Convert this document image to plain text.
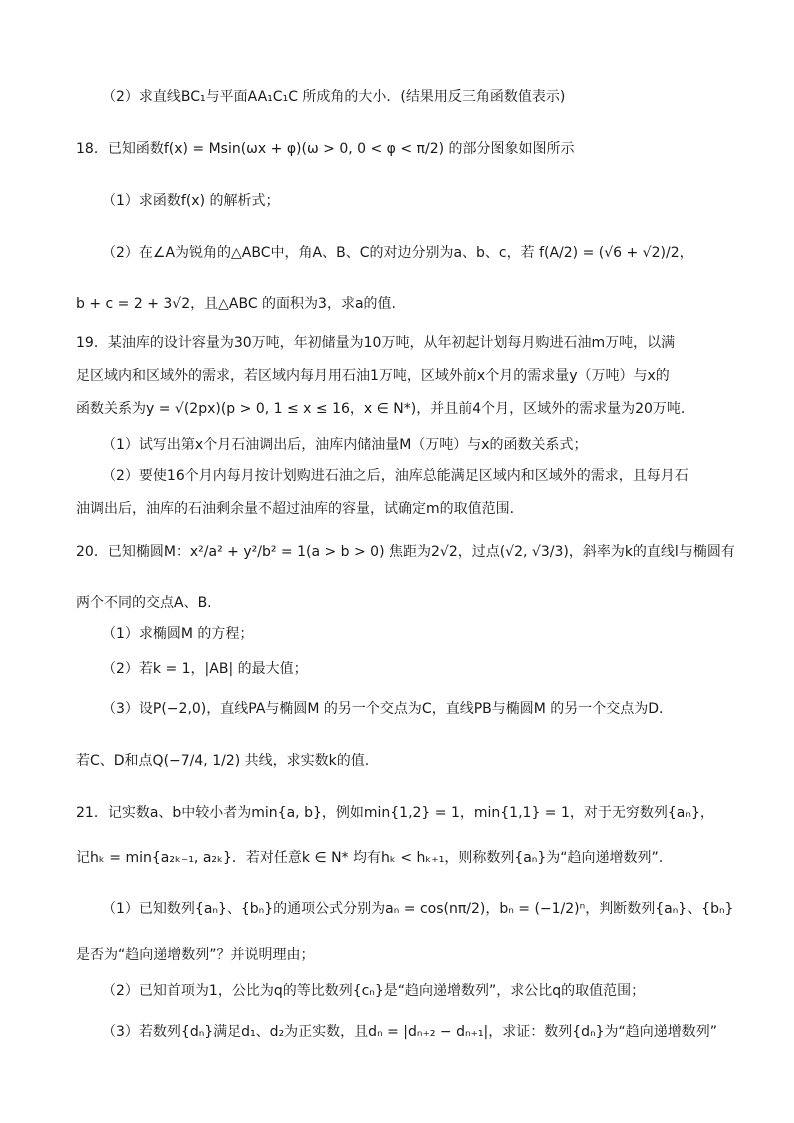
（2）求直线BC₁与平面AA₁C₁C 所成角的大小．(结果用反三角函数值表示)
18．已知函数f(x) = Msin(ωx + φ)(ω > 0, 0 < φ < π/2) 的部分图象如图所示
（1）求函数f(x) 的解析式；
（2）在∠A为锐角的△ABC中，角A、B、C的对边分别为a、b、c，若 f(A/2) = (√6 + √2)/2，
b + c = 2 + 3√2，且△ABC 的面积为3，求a的值.
19．某油库的设计容量为30万吨，年初储量为10万吨，从年初起计划每月购进石油m万吨，以满
足区域内和区域外的需求，若区域内每月用石油1万吨，区域外前x个月的需求量y（万吨）与x的
函数关系为y = √(2px)(p > 0, 1 ≤ x ≤ 16，x ∈ N*)，并且前4个月，区域外的需求量为20万吨．
（1）试写出第x个月石油调出后，油库内储油量M（万吨）与x的函数关系式；
（2）要使16个月内每月按计划购进石油之后，油库总能满足区域内和区域外的需求，且每月石
油调出后，油库的石油剩余量不超过油库的容量，试确定m的取值范围．
20．已知椭圆M：x²/a² + y²/b² = 1(a > b > 0) 焦距为2√2，过点(√2, √3/3)，斜率为k的直线l与椭圆有
两个不同的交点A、B.
（1）求椭圆M 的方程；
（2）若k = 1，|AB| 的最大值；
（3）设P(−2,0)，直线PA与椭圆M 的另一个交点为C，直线PB与椭圆M 的另一个交点为D.
若C、D和点Q(−7/4, 1/2) 共线，求实数k的值.
21．记实数a、b中较小者为min{a, b}，例如min{1,2} = 1，min{1,1} = 1，对于无穷数列{aₙ}，
记hₖ = min{a₂ₖ₋₁, a₂ₖ}．若对任意k ∈ N* 均有hₖ < hₖ₊₁，则称数列{aₙ}为“趋向递增数列”.
（1）已知数列{aₙ}、{bₙ}的通项公式分别为aₙ = cos(nπ/2)，bₙ = (−1/2)ⁿ，判断数列{aₙ}、{bₙ}
是否为“趋向递增数列”？并说明理由；
（2）已知首项为1，公比为q的等比数列{cₙ}是“趋向递增数列”，求公比q的取值范围；
（3）若数列{dₙ}满足d₁、d₂为正实数，且dₙ = |dₙ₊₂ − dₙ₊₁|，求证：数列{dₙ}为“趋向递增数列”
